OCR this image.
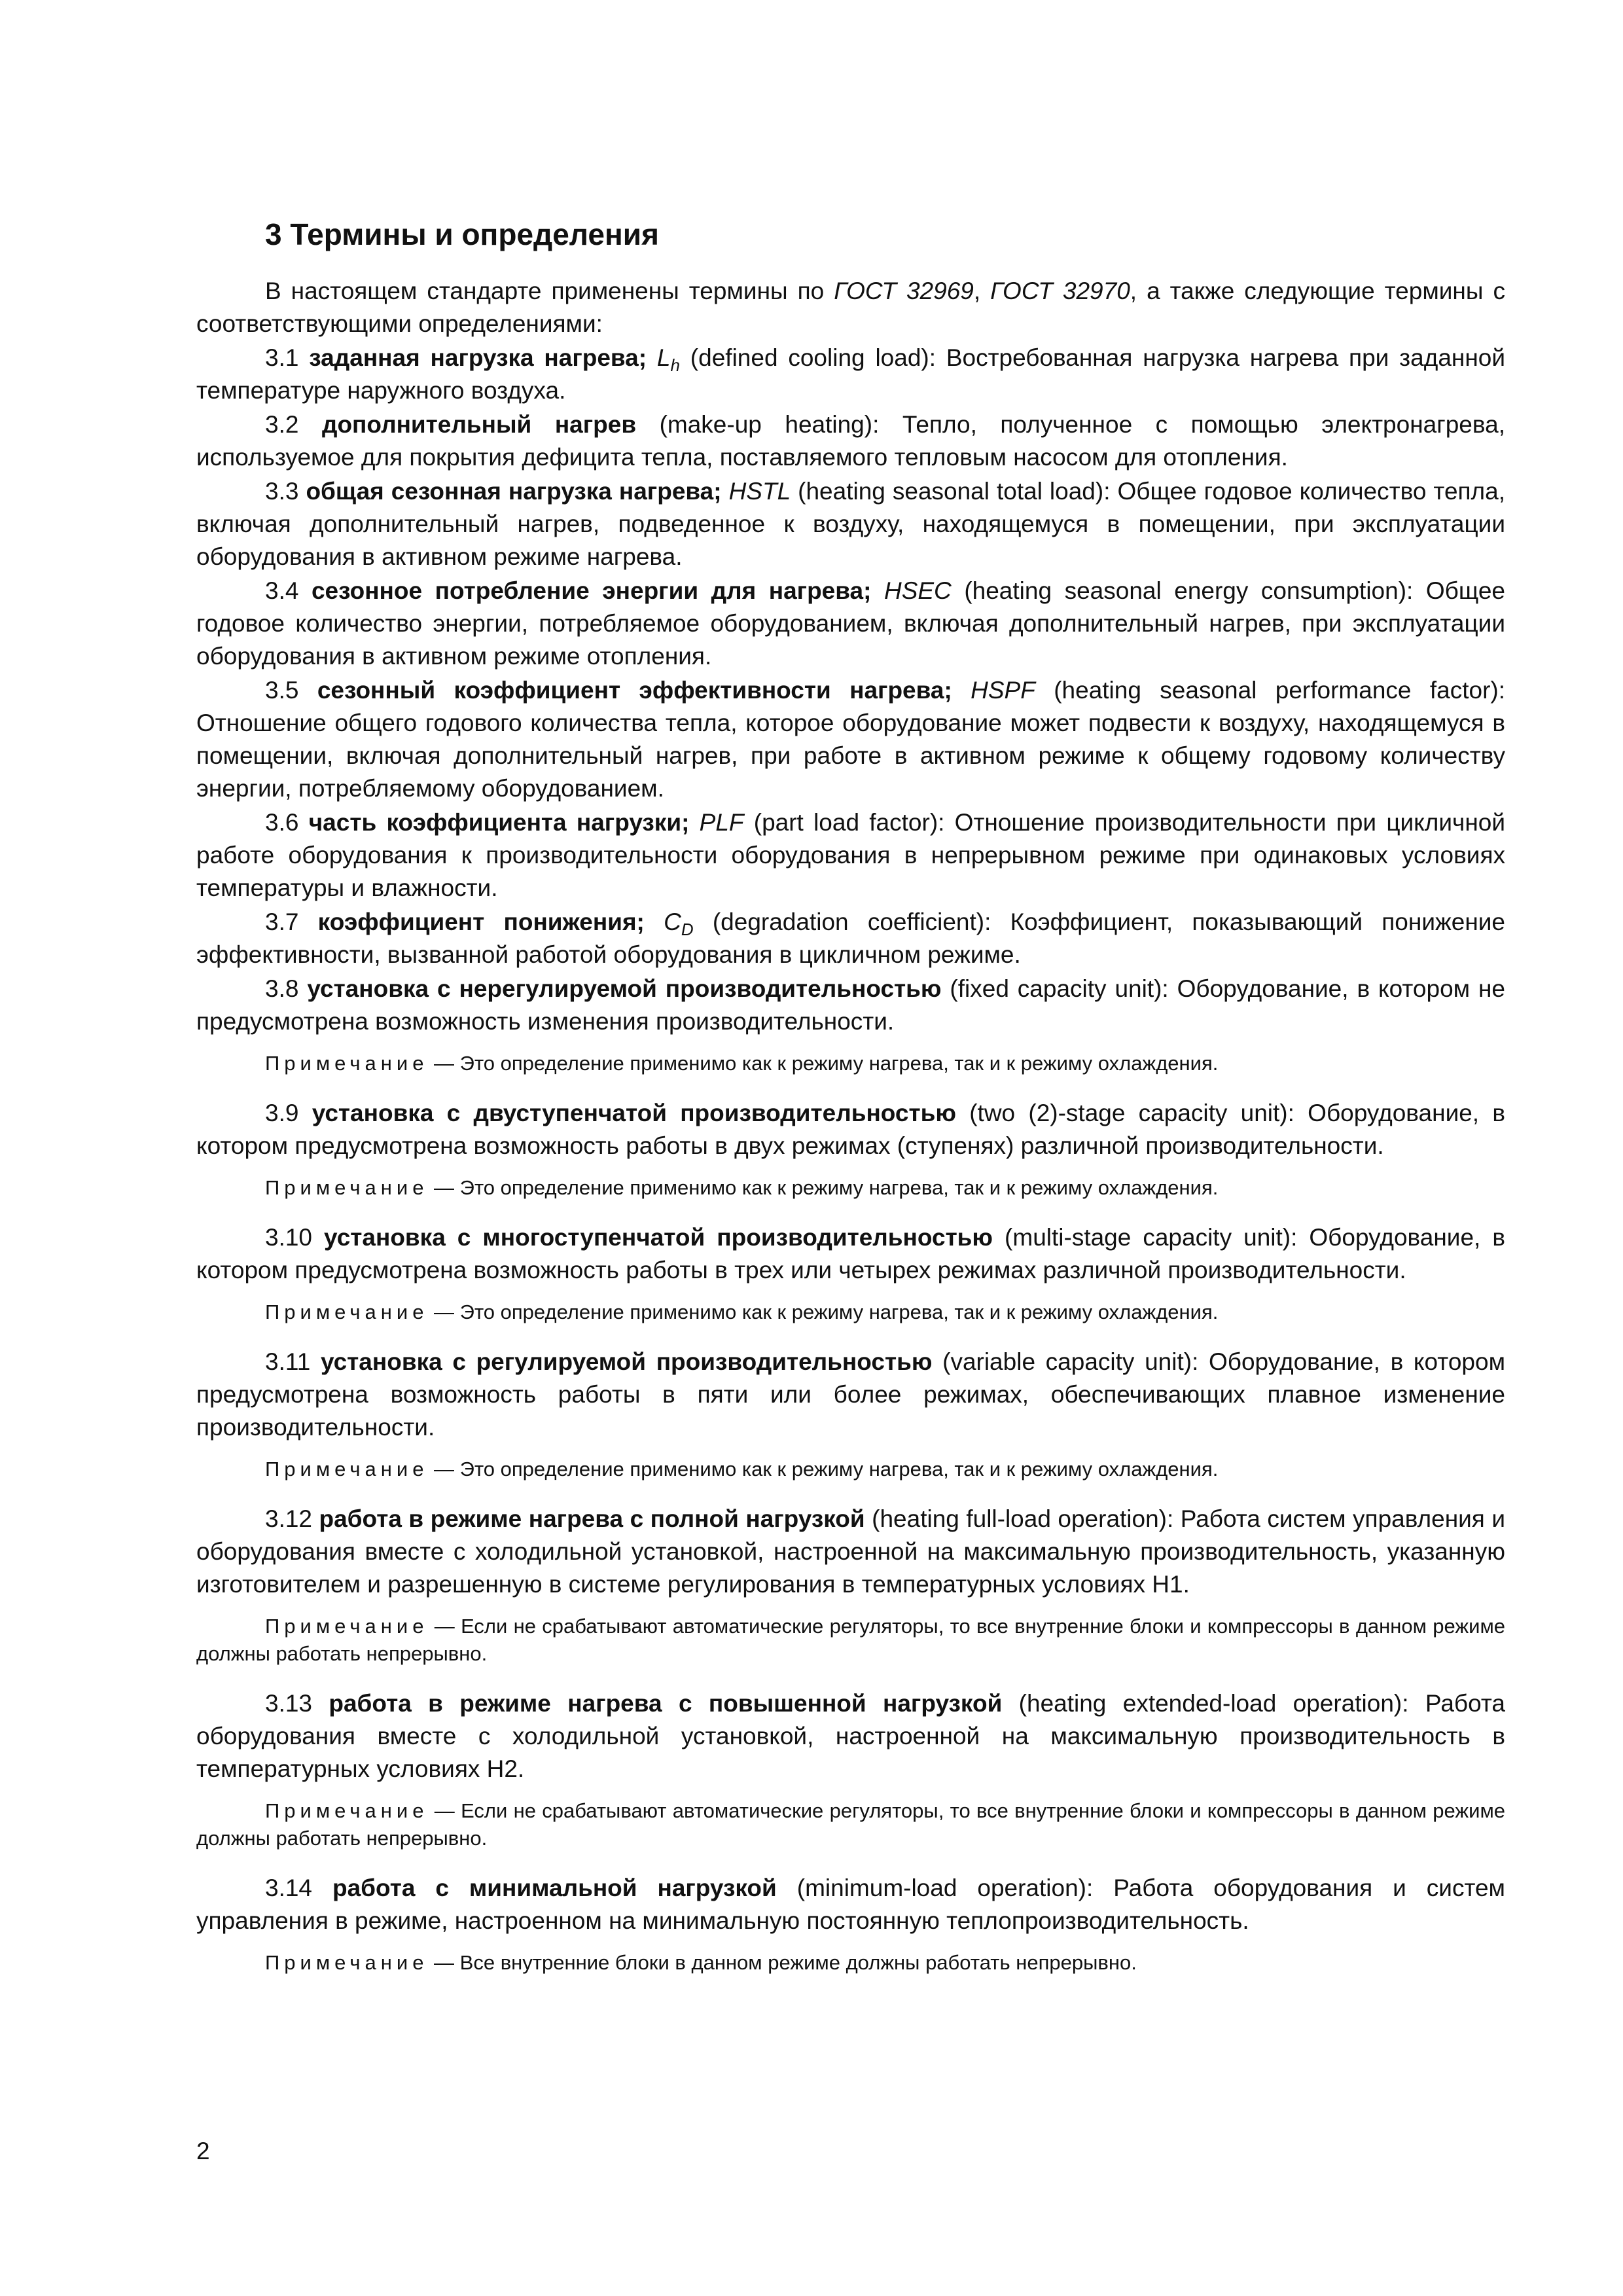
3 Термины и определения

В настоящем стандарте применены термины по ГОСТ 32969, ГОСТ 32970, а также следующие термины с соответствующими определениями:

3.1 заданная нагрузка нагрева; $L_h$ (defined cooling load): Востребованная нагрузка нагрева при заданной температуре наружного воздуха.

3.2 дополнительный нагрев (make-up heating): Тепло, полученное с помощью электронагрева, используемое для покрытия дефицита тепла, поставляемого тепловым насосом для отопления.

3.3 общая сезонная нагрузка нагрева; HSTL (heating seasonal total load): Общее годовое количество тепла, включая дополнительный нагрев, подведенное к воздуху, находящемуся в помещении, при эксплуатации оборудования в активном режиме нагрева.

3.4 сезонное потребление энергии для нагрева; HSEC (heating seasonal energy consumption): Общее годовое количество энергии, потребляемое оборудованием, включая дополнительный нагрев, при эксплуатации оборудования в активном режиме отопления.

3.5 сезонный коэффициент эффективности нагрева; HSPF (heating seasonal performance factor): Отношение общего годового количества тепла, которое оборудование может подвести к воздуху, находящемуся в помещении, включая дополнительный нагрев, при работе в активном режиме к общему годовому количеству энергии, потребляемому оборудованием.

3.6 часть коэффициента нагрузки; PLF (part load factor): Отношение производительности при цикличной работе оборудования к производительности оборудования в непрерывном режиме при одинаковых условиях температуры и влажности.

3.7 коэффициент понижения; $C_D$ (degradation coefficient): Коэффициент, показывающий понижение эффективности, вызванной работой оборудования в цикличном режиме.

3.8 установка с нерегулируемой производительностью (fixed capacity unit): Оборудование, в котором не предусмотрена возможность изменения производительности.

Примечание — Это определение применимо как к режиму нагрева, так и к режиму охлаждения.

3.9 установка с двуступенчатой производительностью (two (2)-stage capacity unit): Оборудование, в котором предусмотрена возможность работы в двух режимах (ступенях) различной производительности.

Примечание — Это определение применимо как к режиму нагрева, так и к режиму охлаждения.

3.10 установка с многоступенчатой производительностью (multi-stage capacity unit): Оборудование, в котором предусмотрена возможность работы в трех или четырех режимах различной производительности.

Примечание — Это определение применимо как к режиму нагрева, так и к режиму охлаждения.

3.11 установка с регулируемой производительностью (variable capacity unit): Оборудование, в котором предусмотрена возможность работы в пяти или более режимах, обеспечивающих плавное изменение производительности.

Примечание — Это определение применимо как к режиму нагрева, так и к режиму охлаждения.

3.12 работа в режиме нагрева с полной нагрузкой (heating full-load operation): Работа систем управления и оборудования вместе с холодильной установкой, настроенной на максимальную производительность, указанную изготовителем и разрешенную в системе регулирования в температурных условиях H1.

Примечание — Если не срабатывают автоматические регуляторы, то все внутренние блоки и компрессоры в данном режиме должны работать непрерывно.

3.13 работа в режиме нагрева с повышенной нагрузкой (heating extended-load operation): Работа оборудования вместе с холодильной установкой, настроенной на максимальную производительность в температурных условиях H2.

Примечание — Если не срабатывают автоматические регуляторы, то все внутренние блоки и компрессоры в данном режиме должны работать непрерывно.

3.14 работа с минимальной нагрузкой (minimum-load operation): Работа оборудования и систем управления в режиме, настроенном на минимальную постоянную теплопроизводительность.

Примечание — Все внутренние блоки в данном режиме должны работать непрерывно.

2
